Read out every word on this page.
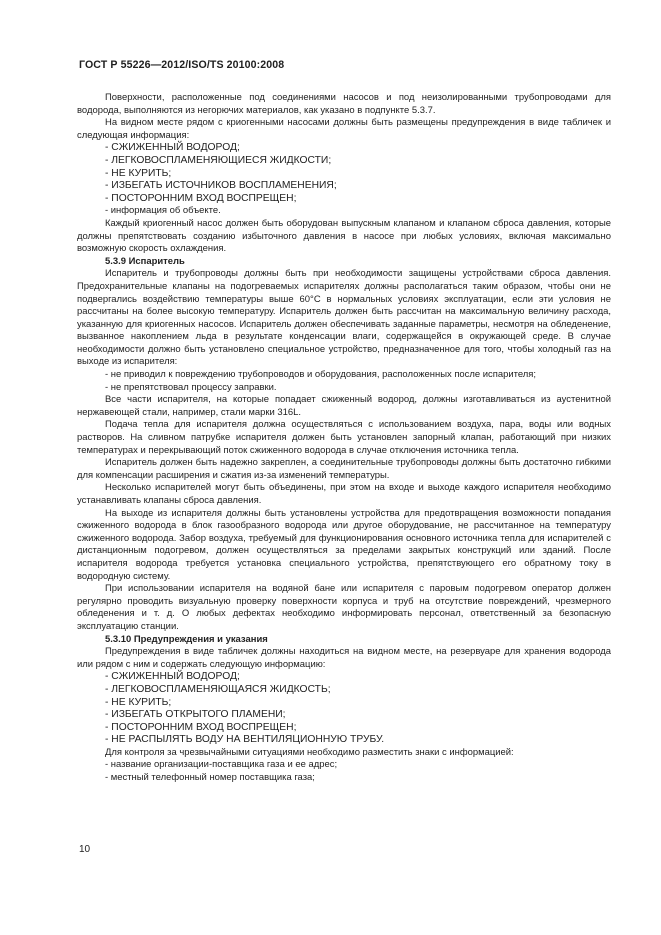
ГОСТ Р 55226—2012/ISO/TS 20100:2008

Поверхности, расположенные под соединениями насосов и под неизолированными трубопроводами для водорода, выполняются из негорючих материалов, как указано в подпункте 5.3.7.

На видном месте рядом с криогенными насосами должны быть размещены предупреждения в виде табличек и следующая информация:

- СЖИЖЕННЫЙ ВОДОРОД;
- ЛЕГКОВОСПЛАМЕНЯЮЩИЕСЯ ЖИДКОСТИ;
- НЕ КУРИТЬ;
- ИЗБЕГАТЬ ИСТОЧНИКОВ ВОСПЛАМЕНЕНИЯ;
- ПОСТОРОННИМ ВХОД ВОСПРЕЩЕН;
- информация об объекте.

Каждый криогенный насос должен быть оборудован выпускным клапаном и клапаном сброса давления, которые должны препятствовать созданию избыточного давления в насосе при любых условиях, включая максимально возможную скорость охлаждения.

5.3.9 Испаритель

Испаритель и трубопроводы должны быть при необходимости защищены устройствами сброса давления. Предохранительные клапаны на подогреваемых испарителях должны располагаться таким образом, чтобы они не подвергались воздействию температуры выше 60°С в нормальных условиях эксплуатации, если эти условия не рассчитаны на более высокую температуру. Испаритель должен быть рассчитан на максимальную величину расхода, указанную для криогенных насосов. Испаритель должен обеспечивать заданные параметры, несмотря на обледенение, вызванное накоплением льда в результате конденсации влаги, содержащейся в окружающей среде. В случае необходимости должно быть установлено специальное устройство, предназначенное для того, чтобы холодный газ на выходе из испарителя:

- не приводил к повреждению трубопроводов и оборудования, расположенных после испарителя;
- не препятствовал процессу заправки.

Все части испарителя, на которые попадает сжиженный водород, должны изготавливаться из аустенитной нержавеющей стали, например, стали марки 316L.

Подача тепла для испарителя должна осуществляться с использованием воздуха, пара, воды или водных растворов. На сливном патрубке испарителя должен быть установлен запорный клапан, работающий при низких температурах и перекрывающий поток сжиженного водорода в случае отключения источника тепла.

Испаритель должен быть надежно закреплен, а соединительные трубопроводы должны быть достаточно гибкими для компенсации расширения и сжатия из-за изменений температуры.

Несколько испарителей могут быть объединены, при этом на входе и выходе каждого испарителя необходимо устанавливать клапаны сброса давления.

На выходе из испарителя должны быть установлены устройства для предотвращения возможности попадания сжиженного водорода в блок газообразного водорода или другое оборудование, не рассчитанное на температуру сжиженного водорода. Забор воздуха, требуемый для функционирования основного источника тепла для испарителей с дистанционным подогревом, должен осуществляться за пределами закрытых конструкций или зданий. После испарителя водорода требуется установка специального устройства, препятствующего его обратному току в водородную систему.

При использовании испарителя на водяной бане или испарителя с паровым подогревом оператор должен регулярно проводить визуальную проверку поверхности корпуса и труб на отсутствие повреждений, чрезмерного обледенения и т. д. О любых дефектах необходимо информировать персонал, ответственный за безопасную эксплуатацию станции.

5.3.10 Предупреждения и указания

Предупреждения в виде табличек должны находиться на видном месте, на резервуаре для хранения водорода или рядом с ним и содержать следующую информацию:

- СЖИЖЕННЫЙ ВОДОРОД;
- ЛЕГКОВОСПЛАМЕНЯЮЩАЯСЯ ЖИДКОСТЬ;
- НЕ КУРИТЬ;
- ИЗБЕГАТЬ ОТКРЫТОГО ПЛАМЕНИ;
- ПОСТОРОННИМ ВХОД ВОСПРЕЩЕН;
- НЕ РАСПЫЛЯТЬ ВОДУ НА ВЕНТИЛЯЦИОННУЮ ТРУБУ.

Для контроля за чрезвычайными ситуациями необходимо разместить знаки с информацией:

- название организации-поставщика газа и ее адрес;
- местный телефонный номер поставщика газа;
10
